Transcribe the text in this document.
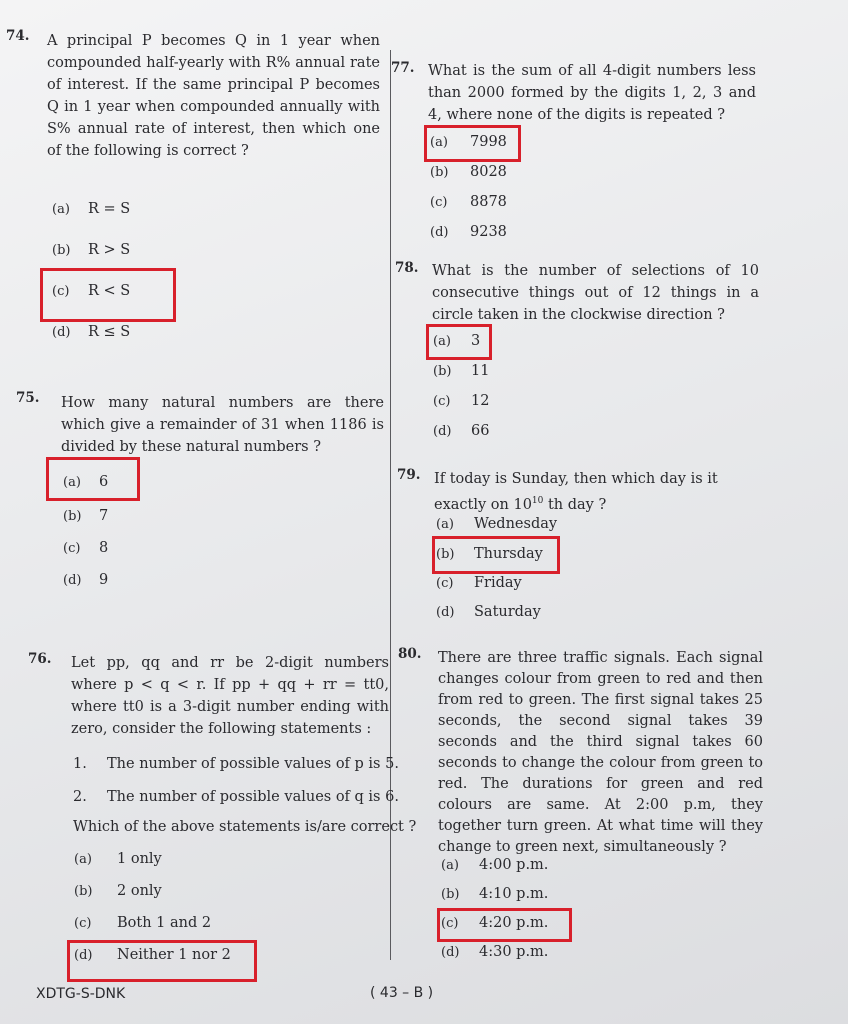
74. A principal P becomes Q in 1 year when compounded half-yearly with R% annual rate of interest. If the same principal P becomes Q in 1 year when compounded annually with S% annual rate of interest, then which one of the following is correct ?
(a) R = S
(b) R > S
(c) R < S
(d) R ≤ S
75. How many natural numbers are there which give a remainder of 31 when 1186 is divided by these natural numbers ?
(a) 6
(b) 7
(c) 8
(d) 9
76. Let pp, qq and rr be 2-digit numbers where p < q < r. If pp + qq + rr = tt0, where tt0 is a 3-digit number ending with zero, consider the following statements :
1. The number of possible values of p is 5.
2. The number of possible values of q is 6.
Which of the above statements is/are correct ?
(a) 1 only
(b) 2 only
(c) Both 1 and 2
(d) Neither 1 nor 2
77. What is the sum of all 4-digit numbers less than 2000 formed by the digits 1, 2, 3 and 4, where none of the digits is repeated ?
(a) 7998
(b) 8028
(c) 8878
(d) 9238
78. What is the number of selections of 10 consecutive things out of 12 things in a circle taken in the clockwise direction ?
(a) 3
(b) 11
(c) 12
(d) 66
79. If today is Sunday, then which day is it exactly on $10^{10}$ th day ?
(a) Wednesday
(b) Thursday
(c) Friday
(d) Saturday
80. There are three traffic signals. Each signal changes colour from green to red and then from red to green. The first signal takes 25 seconds, the second signal takes 39 seconds and the third signal takes 60 seconds to change the colour from green to red. The durations for green and red colours are same. At 2:00 p.m, they together turn green. At what time will they change to green next, simultaneously ?
(a) 4:00 p.m.
(b) 4:10 p.m.
(c) 4:20 p.m.
(d) 4:30 p.m.
XDTG-S-DNK	( 43 – B )
